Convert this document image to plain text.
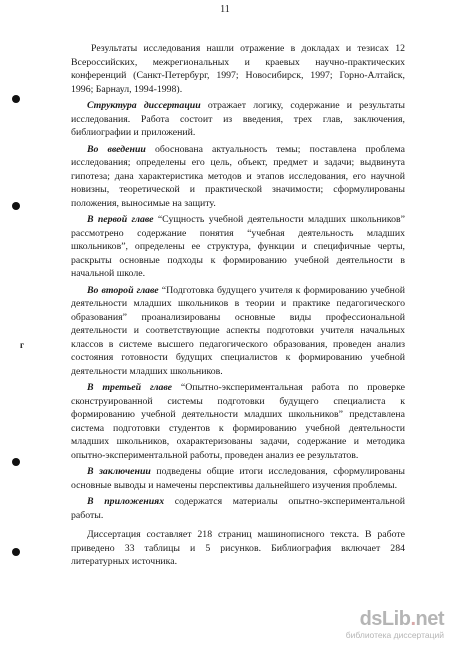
11
г

Результаты исследования нашли отражение в докладах и тезисах 12 Всероссийских, межрегиональных и краевых научно-практических конференций (Санкт-Петербург, 1997; Новосибирск, 1997; Горно-Алтайск, 1996; Барнаул, 1994-1998).

Структура диссертации отражает логику, содержание и результаты исследования. Работа состоит из введения, трех глав, заключения, библиографии и приложений.

Во введении обоснована актуальность темы; поставлена проблема исследования; определены его цель, объект, предмет и задачи; выдвинута гипотеза; дана характеристика методов и этапов исследования, его научной новизны, теоретической и практической значимости; сформулированы положения, выносимые на защиту.

В первой главе “Сущность учебной деятельности младших школьников” рассмотрено содержание понятия “учебная деятельность младших школьников”, определены ее структура, функции и специфичные черты, раскрыты основные подходы к формированию учебной деятельности в начальной школе.

Во второй главе “Подготовка будущего учителя к формированию учебной деятельности младших школьников в теории и практике педагогического образования” проанализированы основные виды профессиональной деятельности и соответствующие аспекты подготовки учителя начальных классов в системе высшего педагогического образования, проведен анализ состояния готовности будущих специалистов к формированию учебной деятельности младших школьников.

В третьей главе “Опытно-экспериментальная работа по проверке сконструированной системы подготовки будущего специалиста к формированию учебной деятельности младших школьников” представлена система подготовки студентов к формированию учебной деятельности младших школьников, охарактеризованы задачи, содержание и методика опытно-экспериментальной работы, проведен анализ ее результатов.

В заключении подведены общие итоги исследования, сформулированы основные выводы и намечены перспективы дальнейшего изучения проблемы.

В приложениях содержатся материалы опытно-экспериментальной работы.

Диссертация составляет 218 страниц машинописного текста. В работе приведено 33 таблицы и 5 рисунков. Библиография включает 284 литературных источника.

dsLib.net
библиотека диссертаций
